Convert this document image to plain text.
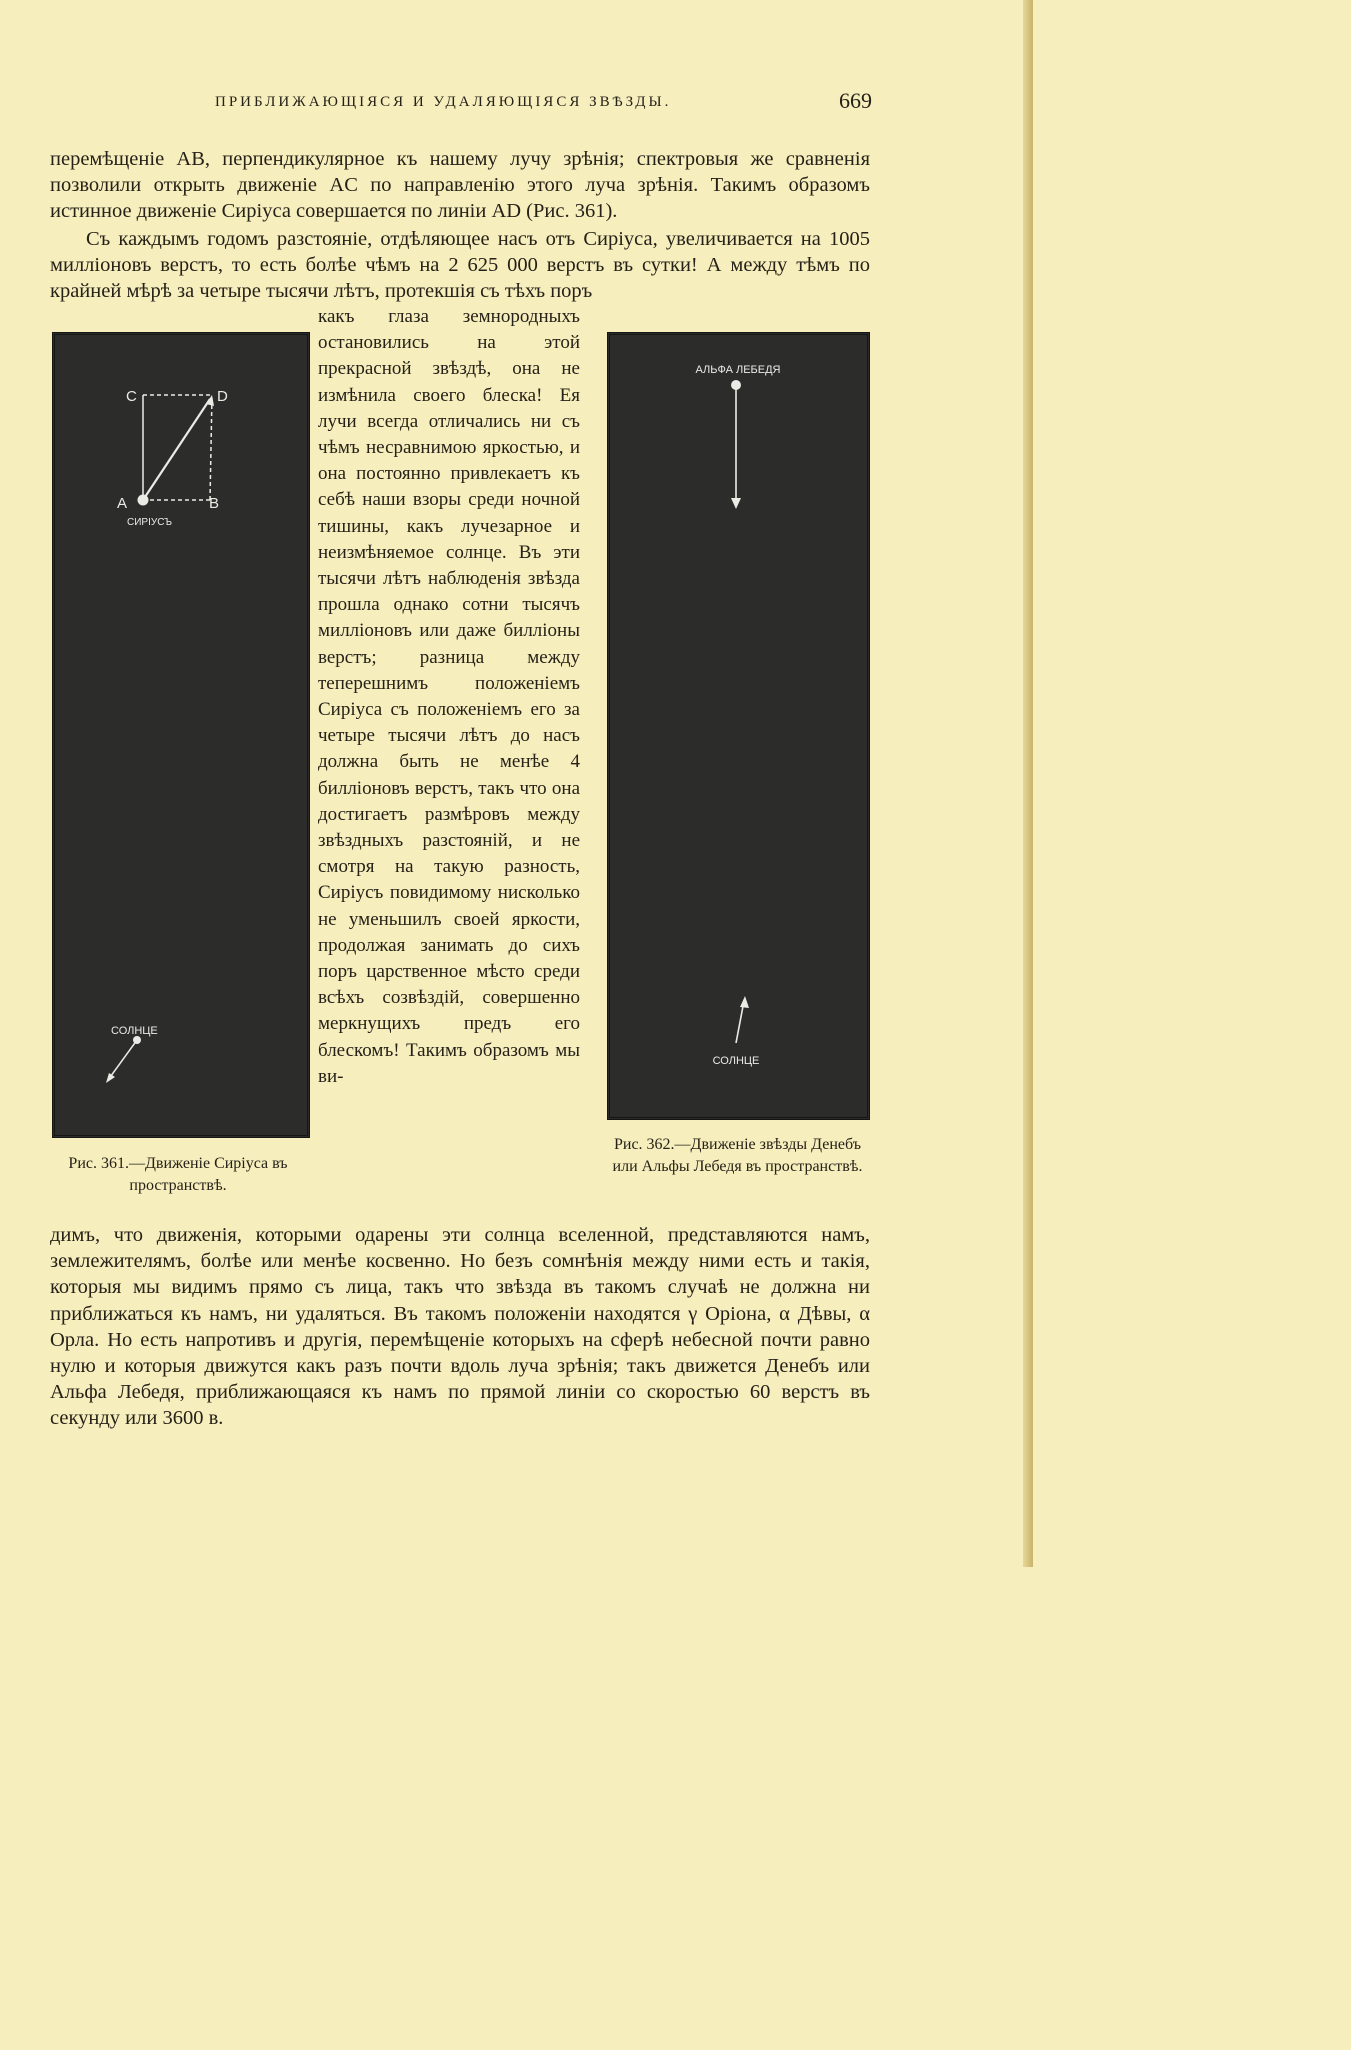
ПРИБЛИЖАЮЩІЯСЯ И УДАЛЯЮЩІЯСЯ ЗВѢЗДЫ.	669

перемѣщеніе AB, перпендикулярное къ нашему лучу зрѣнія; спектровыя же сравненія позволили открыть движеніе AC по направленію этого луча зрѣнія. Такимъ образомъ истинное движеніе Сиріуса совершается по линіи AD (Рис. 361).

Съ каждымъ годомъ разстояніе, отдѣляющее насъ отъ Сиріуса, увеличивается на 1005 милліоновъ верстъ, то есть болѣе чѣмъ на 2 625 000 верстъ въ сутки! А между тѣмъ по крайней мѣрѣ за четыре тысячи лѣтъ, протекшія съ тѣхъ поръ

какъ глаза земнородныхъ остановились на этой прекрасной звѣздѣ, она не измѣнила своего блеска! Ея лучи всегда отличались ни съ чѣмъ несравнимою яркостью, и она постоянно привлекаетъ къ себѣ наши взоры среди ночной тишины, какъ лучезарное и неизмѣняемое солнце. Въ эти тысячи лѣтъ наблюденія звѣзда прошла однако сотни тысячъ милліоновъ или даже билліоны верстъ; разница между теперешнимъ положеніемъ Сиріуса съ положеніемъ его за четыре тысячи лѣтъ до насъ должна быть не менѣе 4 билліоновъ верстъ, такъ что она достигаетъ размѣровъ между звѣздныхъ разстояній, и не смотря на такую разность, Сиріусъ повидимому нисколько не уменьшилъ своей яркости, продолжая занимать до сихъ поръ царственное мѣсто среди всѣхъ созвѣздій, совершенно меркнущихъ предъ его блескомъ! Такимъ образомъ мы ви-

C	D
A	B
СИРІУСЪ
СОЛНЦЕ
АЛЬФА ЛЕБЕДЯ
СОЛНЦЕ

Рис. 361.—Движеніе Сиріуса въ пространствѣ.

Рис. 362.—Движеніе звѣзды Денебъ или Альфы Лебедя въ пространствѣ.

димъ, что движенія, которыми одарены эти солнца вселенной, представляются намъ, землежителямъ, болѣе или менѣе косвенно. Но безъ сомнѣнія между ними есть и такія, которыя мы видимъ прямо съ лица, такъ что звѣзда въ такомъ случаѣ не должна ни приближаться къ намъ, ни удаляться. Въ такомъ положеніи находятся γ Оріона, α Дѣвы, α Орла. Но есть напротивъ и другія, перемѣщеніе которыхъ на сферѣ небесной почти равно нулю и которыя движутся какъ разъ почти вдоль луча зрѣнія; такъ движется Денебъ или Альфа Лебедя, приближающаяся къ намъ по прямой линіи со скоростью 60 верстъ въ секунду или 3600 в.
